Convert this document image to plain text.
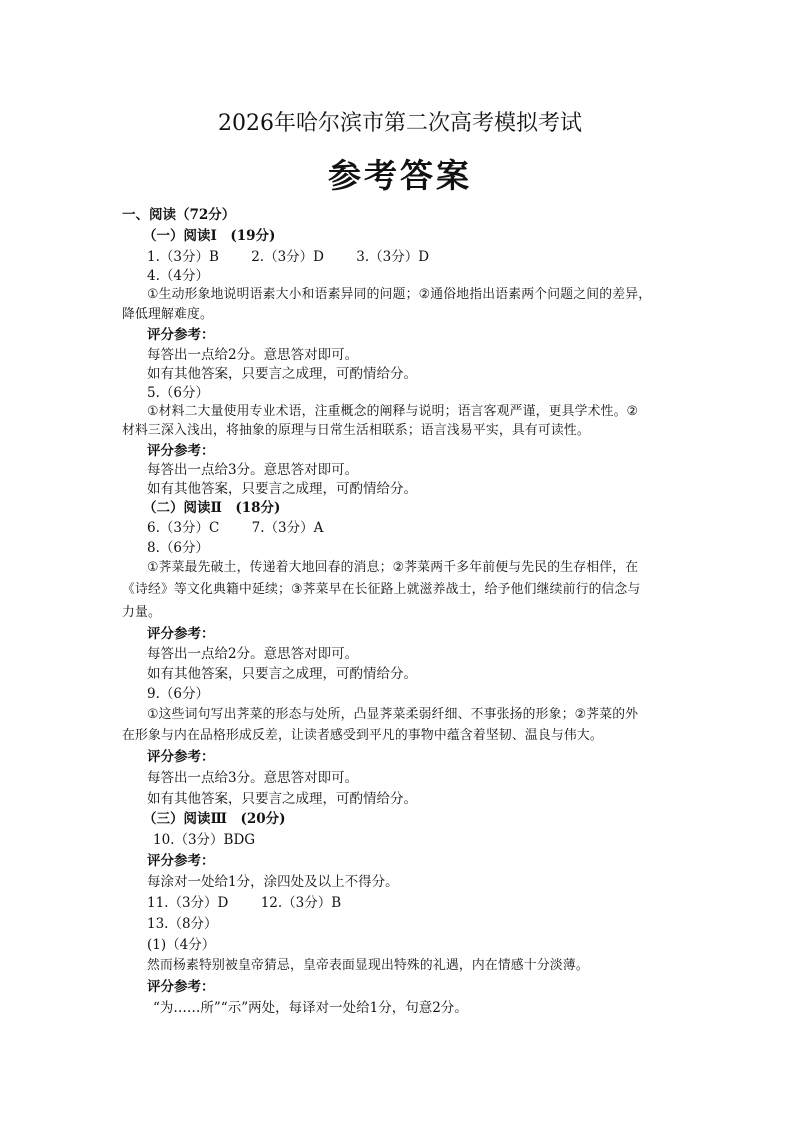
2026年哈尔滨市第二次高考模拟考试
参考答案
一、阅读（72分）
（一）阅读Ⅰ　(19分)
1.（3分）B 2.（3分）D 3.（3分）D
4.（4分）
①生动形象地说明语素大小和语素异同的问题；②通俗地指出语素两个问题之间的差异，
降低理解难度。
评分参考：
每答出一点给2分。意思答对即可。
如有其他答案，只要言之成理，可酌情给分。
5.（6分）
①材料二大量使用专业术语，注重概念的阐释与说明；语言客观严谨，更具学术性。②
材料三深入浅出，将抽象的原理与日常生活相联系；语言浅易平实，具有可读性。
评分参考：
每答出一点给3分。意思答对即可。
如有其他答案，只要言之成理，可酌情给分。
（二）阅读Ⅱ　(18分)
6.（3分）C 7.（3分）A
8.（6分）
①荠菜最先破土，传递着大地回春的消息；②荠菜两千多年前便与先民的生存相伴，在
《诗经》等文化典籍中延续；③荠菜早在长征路上就滋养战士，给予他们继续前行的信念与
力量。
评分参考：
每答出一点给2分。意思答对即可。
如有其他答案，只要言之成理，可酌情给分。
9.（6分）
①这些词句写出荠菜的形态与处所，凸显荠菜柔弱纤细、不事张扬的形象；②荠菜的外
在形象与内在品格形成反差，让读者感受到平凡的事物中蕴含着坚韧、温良与伟大。
评分参考：
每答出一点给3分。意思答对即可。
如有其他答案，只要言之成理，可酌情给分。
（三）阅读Ⅲ　(20分)
10.（3分）BDG
评分参考：
每涂对一处给1分，涂四处及以上不得分。
11.（3分）D 12.（3分）B
13.（8分）
(1)（4分）
然而杨素特别被皇帝猜忌，皇帝表面显现出特殊的礼遇，内在情感十分淡薄。
评分参考：
“为……所”“示”两处，每译对一处给1分，句意2分。
